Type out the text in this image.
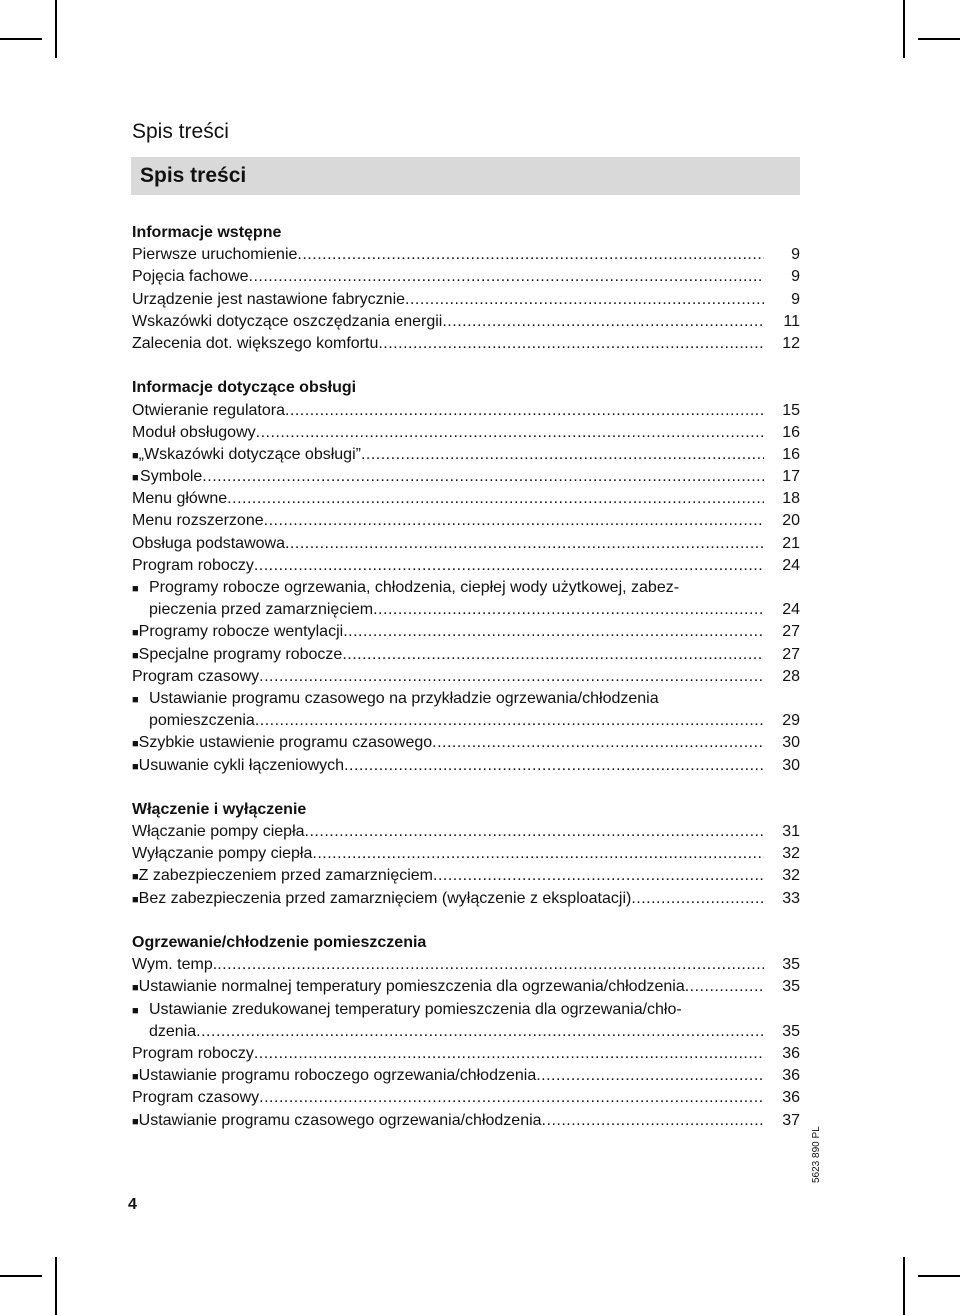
Spis treści
Spis treści
Informacje wstępne
Pierwsze uruchomienie .....	9
Pojęcia fachowe .....	9
Urządzenie jest nastawione fabrycznie .....	9
Wskazówki dotyczące oszczędzania energii .....	11
Zalecenia dot. większego komfortu .....	12
Informacje dotyczące obsługi
Otwieranie regulatora .....	15
Moduł obsługowy .....	16
■ „Wskazówki dotyczące obsługi” .....	16
■ Symbole .....	17
Menu główne .....	18
Menu rozszerzone .....	20
Obsługa podstawowa .....	21
Program roboczy .....	24
■ Programy robocze ogrzewania, chłodzenia, ciepłej wody użytkowej, zabez-
pieczenia przed zamarznięciem .....	24
■ Programy robocze wentylacji .....	27
■ Specjalne programy robocze .....	27
Program czasowy .....	28
■ Ustawianie programu czasowego na przykładzie ogrzewania/chłodzenia
pomieszczenia .....	29
■ Szybkie ustawienie programu czasowego .....	30
■ Usuwanie cykli łączeniowych .....	30
Włączenie i wyłączenie
Włączanie pompy ciepła .....	31
Wyłączanie pompy ciepła .....	32
■ Z zabezpieczeniem przed zamarznięciem .....	32
■ Bez zabezpieczenia przed zamarznięciem (wyłączenie z eksploatacji) .....	33
Ogrzewanie/chłodzenie pomieszczenia
Wym. temp. .....	35
■ Ustawianie normalnej temperatury pomieszczenia dla ogrzewania/chłodzenia .....	35
■ Ustawianie zredukowanej temperatury pomieszczenia dla ogrzewania/chło-
dzenia .....	35
Program roboczy .....	36
■ Ustawianie programu roboczego ogrzewania/chłodzenia .....	36
Program czasowy .....	36
■ Ustawianie programu czasowego ogrzewania/chłodzenia .....	37
4
5623 890 PL
